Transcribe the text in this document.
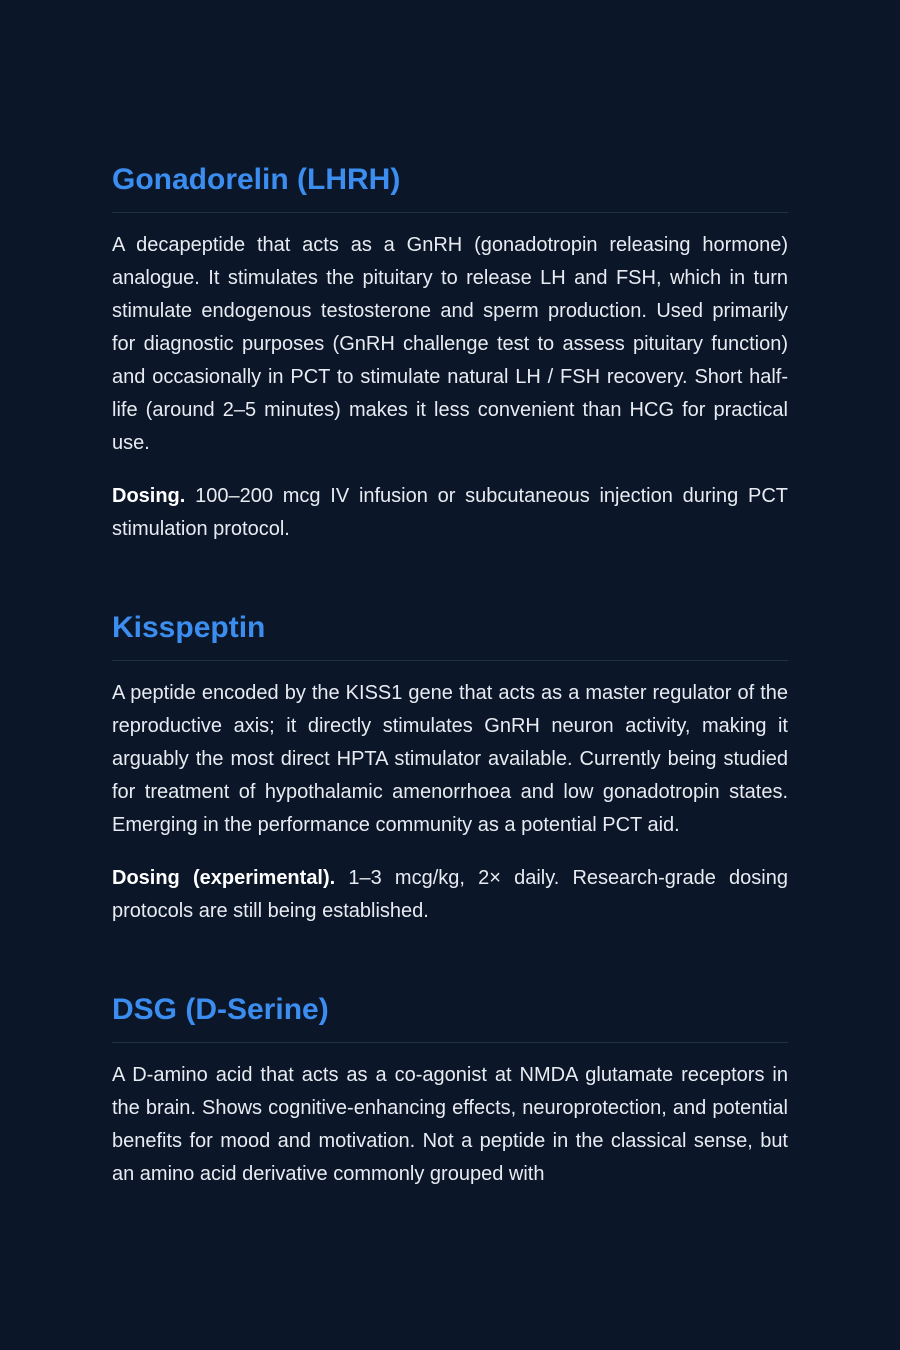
Gonadorelin (LHRH)

A decapeptide that acts as a GnRH (gonadotropin releasing hormone) analogue. It stimulates the pituitary to release LH and FSH, which in turn stimulate endogenous testosterone and sperm production. Used primarily for diagnostic purposes (GnRH challenge test to assess pituitary function) and occasionally in PCT to stimulate natural LH / FSH recovery. Short half-life (around 2–5 minutes) makes it less convenient than HCG for practical use.

Dosing. 100–200 mcg IV infusion or subcutaneous injection during PCT stimulation protocol.

Kisspeptin

A peptide encoded by the KISS1 gene that acts as a master regulator of the reproductive axis; it directly stimulates GnRH neuron activity, making it arguably the most direct HPTA stimulator available. Currently being studied for treatment of hypothalamic amenorrhoea and low gonadotropin states. Emerging in the performance community as a potential PCT aid.

Dosing (experimental). 1–3 mcg/kg, 2× daily. Research-grade dosing protocols are still being established.

DSG (D-Serine)

A D-amino acid that acts as a co-agonist at NMDA glutamate receptors in the brain. Shows cognitive-enhancing effects, neuroprotection, and potential benefits for mood and motivation. Not a peptide in the classical sense, but an amino acid derivative commonly grouped with
